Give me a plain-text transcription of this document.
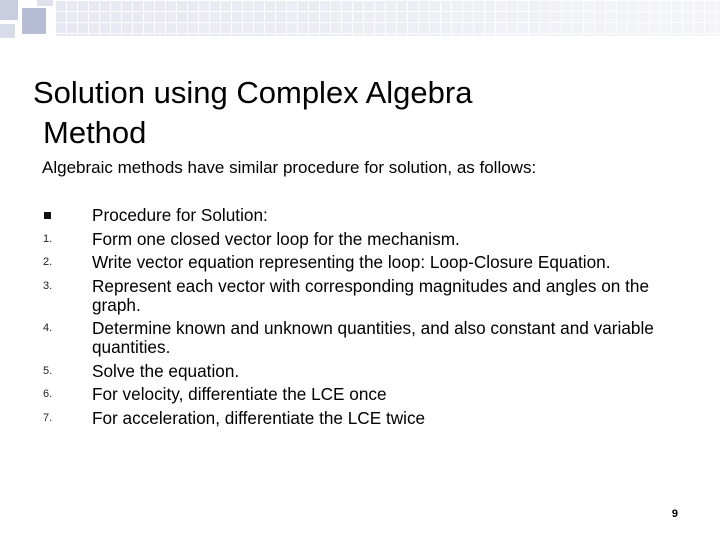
Solution using Complex Algebra
Method
Algebraic methods have similar procedure for solution, as follows:
Procedure for Solution:
1. Form one closed vector loop for the mechanism.
2. Write vector equation representing the loop: Loop-Closure Equation.
3. Represent each vector with corresponding magnitudes and angles on the graph.
4. Determine known and unknown quantities, and also constant and variable quantities.
5. Solve the equation.
6. For velocity, differentiate the LCE once
7. For acceleration, differentiate the LCE twice
9
